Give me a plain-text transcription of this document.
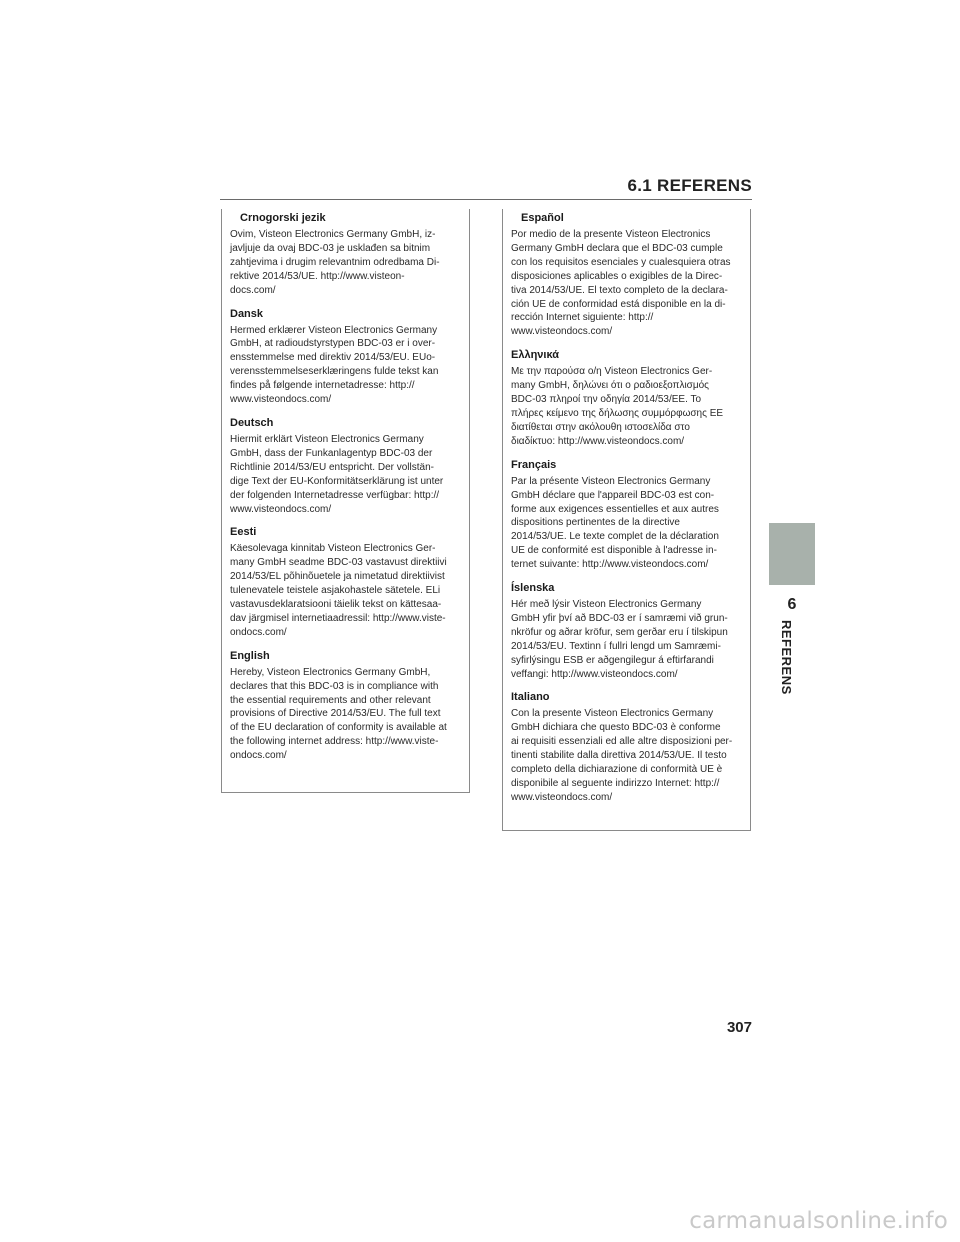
6.1 REFERENS
Crnogorski jezik
Ovim, Visteon Electronics Germany GmbH, iz-
javljuje da ovaj BDC-03 je usklađen sa bitnim
zahtjevima i drugim relevantnim odredbama Di-
rektive 2014/53/UE. http://www.visteon-
docs.com/
Dansk
Hermed erklærer Visteon Electronics Germany
GmbH, at radioudstyrstypen BDC-03 er i over-
ensstemmelse med direktiv 2014/53/EU. EUo-
verensstemmelseserklæringens fulde tekst kan
findes på følgende internetadresse: http://
www.visteondocs.com/
Deutsch
Hiermit erklärt Visteon Electronics Germany
GmbH, dass der Funkanlagentyp BDC-03 der
Richtlinie 2014/53/EU entspricht. Der vollstän-
dige Text der EU-Konformitätserklärung ist unter
der folgenden Internetadresse verfügbar: http://
www.visteondocs.com/
Eesti
Käesolevaga kinnitab Visteon Electronics Ger-
many GmbH seadme BDC-03 vastavust direktiivi
2014/53/EL põhinõuetele ja nimetatud direktiivist
tulenevatele teistele asjakohastele sätetele. ELi
vastavusdeklaratsiooni täielik tekst on kättesaa-
dav järgmisel internetiaadressil: http://www.viste-
ondocs.com/
English
Hereby, Visteon Electronics Germany GmbH,
declares that this BDC-03 is in compliance with
the essential requirements and other relevant
provisions of Directive 2014/53/EU. The full text
of the EU declaration of conformity is available at
the following internet address: http://www.viste-
ondocs.com/
Español
Por medio de la presente Visteon Electronics
Germany GmbH declara que el BDC-03 cumple
con los requisitos esenciales y cualesquiera otras
disposiciones aplicables o exigibles de la Direc-
tiva 2014/53/UE. El texto completo de la declara-
ción UE de conformidad está disponible en la di-
rección Internet siguiente: http://
www.visteondocs.com/
Ελληνικά
Με την παρούσα ο/η Visteon Electronics Ger-
many GmbH, δηλώνει ότι ο ραδιοεξοπλισμός
BDC-03 πληροί την οδηγία 2014/53/ΕΕ. Το
πλήρες κείμενο της δήλωσης συμμόρφωσης ΕΕ
διατίθεται στην ακόλουθη ιστοσελίδα στο
διαδίκτυο: http://www.visteondocs.com/
Français
Par la présente Visteon Electronics Germany
GmbH déclare que l'appareil BDC-03 est con-
forme aux exigences essentielles et aux autres
dispositions pertinentes de la directive
2014/53/UE. Le texte complet de la déclaration
UE de conformité est disponible à l'adresse in-
ternet suivante: http://www.visteondocs.com/
Íslenska
Hér með lýsir Visteon Electronics Germany
GmbH yfir því að BDC-03 er í samræmi við grun-
nkröfur og aðrar kröfur, sem gerðar eru í tilskipun
2014/53/EU. Textinn í fullri lengd um Samræmi-
syfirlýsingu ESB er aðgengilegur á eftirfarandi
veffangi: http://www.visteondocs.com/
Italiano
Con la presente Visteon Electronics Germany
GmbH dichiara che questo BDC-03 è conforme
ai requisiti essenziali ed alle altre disposizioni per-
tinenti stabilite dalla direttiva 2014/53/UE. Il testo
completo della dichiarazione di conformità UE è
disponibile al seguente indirizzo Internet: http://
www.visteondocs.com/
6
REFERENS
307
carmanualsonline.info
